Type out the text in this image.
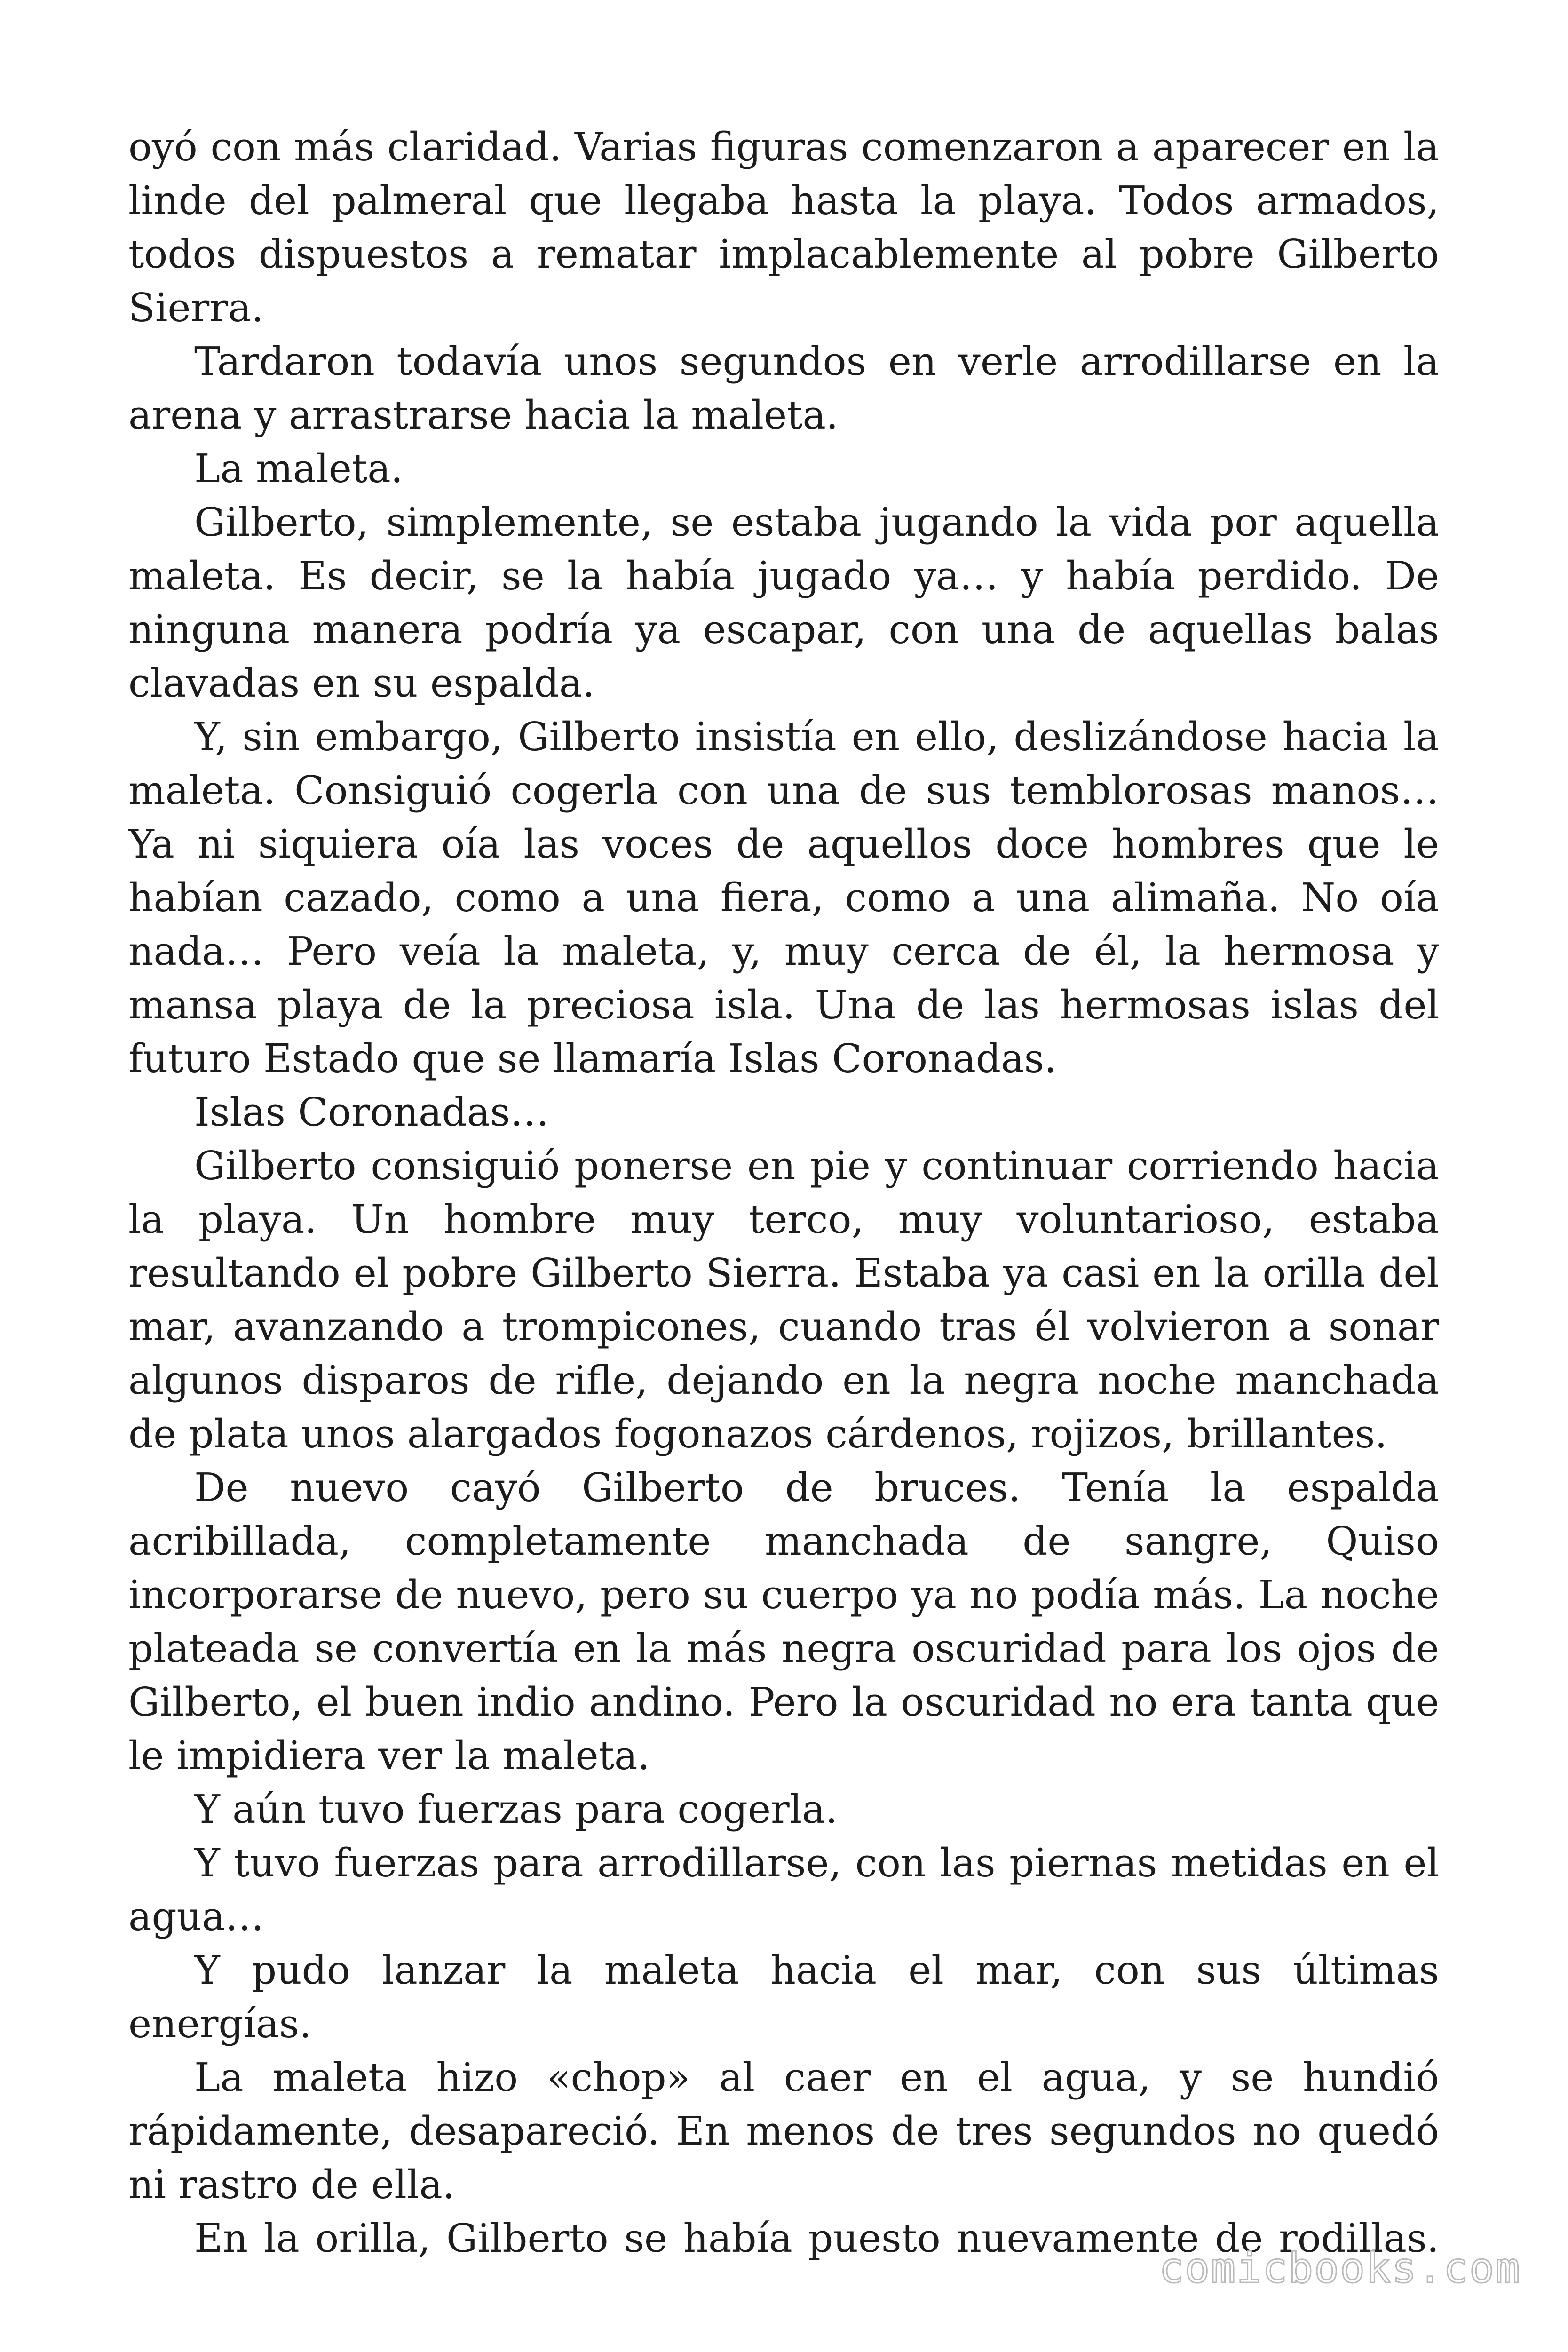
oyó con más claridad. Varias figuras comenzaron a aparecer en la linde del palmeral que llegaba hasta la playa. Todos armados, todos dispuestos a rematar implacablemente al pobre Gilberto Sierra.

Tardaron todavía unos segundos en verle arrodillarse en la arena y arrastrarse hacia la maleta.

La maleta.

Gilberto, simplemente, se estaba jugando la vida por aquella maleta. Es decir, se la había jugado ya… y había perdido. De ninguna manera podría ya escapar, con una de aquellas balas clavadas en su espalda.

Y, sin embargo, Gilberto insistía en ello, deslizándose hacia la maleta. Consiguió cogerla con una de sus temblorosas manos… Ya ni siquiera oía las voces de aquellos doce hombres que le habían cazado, como a una fiera, como a una alimaña. No oía nada… Pero veía la maleta, y, muy cerca de él, la hermosa y mansa playa de la preciosa isla. Una de las hermosas islas del futuro Estado que se llamaría Islas Coronadas.

Islas Coronadas…

Gilberto consiguió ponerse en pie y continuar corriendo hacia la playa. Un hombre muy terco, muy voluntarioso, estaba resultando el pobre Gilberto Sierra. Estaba ya casi en la orilla del mar, avanzando a trompicones, cuando tras él volvieron a sonar algunos disparos de rifle, dejando en la negra noche manchada de plata unos alargados fogonazos cárdenos, rojizos, brillantes.

De nuevo cayó Gilberto de bruces. Tenía la espalda acribillada, completamente manchada de sangre, Quiso incorporarse de nuevo, pero su cuerpo ya no podía más. La noche plateada se convertía en la más negra oscuridad para los ojos de Gilberto, el buen indio andino. Pero la oscuridad no era tanta que le impidiera ver la maleta.

Y aún tuvo fuerzas para cogerla.

Y tuvo fuerzas para arrodillarse, con las piernas metidas en el agua…

Y pudo lanzar la maleta hacia el mar, con sus últimas energías.

La maleta hizo «chop» al caer en el agua, y se hundió rápidamente, desapareció. En menos de tres segundos no quedó ni rastro de ella.

En la orilla, Gilberto se había puesto nuevamente de rodillas.

comicbooks.com
